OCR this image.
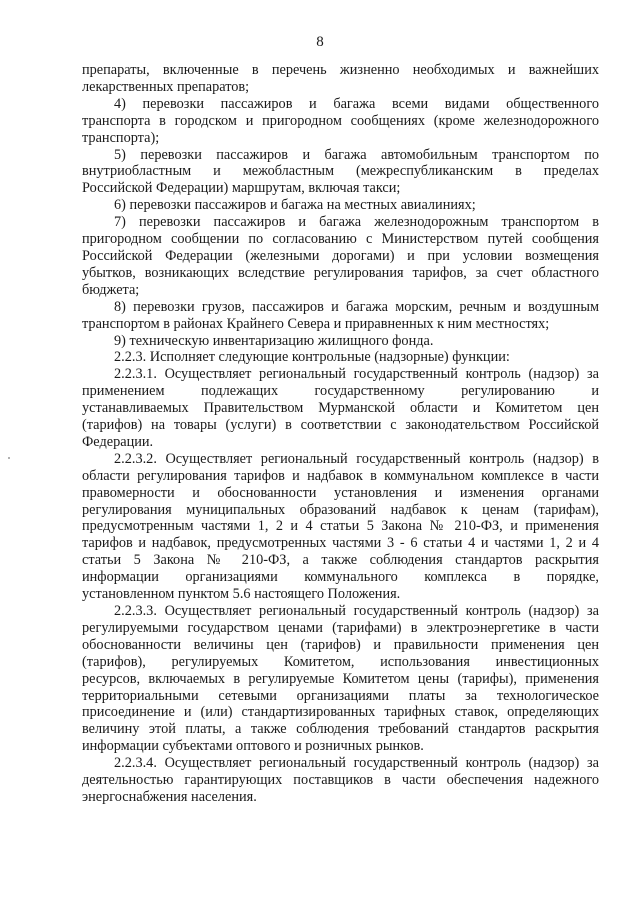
8
препараты, включенные в перечень жизненно необходимых и важнейших
лекарственных препаратов;
4) перевозки пассажиров и багажа всеми видами общественного
транспорта в городском и пригородном сообщениях (кроме железнодорожного
транспорта);
5) перевозки пассажиров и багажа автомобильным транспортом по
внутриобластным и межобластным (межреспубликанским в пределах
Российской Федерации) маршрутам, включая такси;
6) перевозки пассажиров и багажа на местных авиалиниях;
7) перевозки пассажиров и багажа железнодорожным транспортом в
пригородном сообщении по согласованию с Министерством путей сообщения
Российской Федерации (железными дорогами) и при условии возмещения
убытков, возникающих вследствие регулирования тарифов, за счет областного
бюджета;
8) перевозки грузов, пассажиров и багажа морским, речным и воздушным
транспортом в районах Крайнего Севера и приравненных к ним местностях;
9) техническую инвентаризацию жилищного фонда.
2.2.3. Исполняет следующие контрольные (надзорные) функции:
2.2.3.1. Осуществляет региональный государственный контроль (надзор) за
применением подлежащих государственному регулированию и
устанавливаемых Правительством Мурманской области и Комитетом цен
(тарифов) на товары (услуги) в соответствии с законодательством Российской
Федерации.
2.2.3.2. Осуществляет региональный государственный контроль (надзор) в
области регулирования тарифов и надбавок в коммунальном комплексе в части
правомерности и обоснованности установления и изменения органами
регулирования муниципальных образований надбавок к ценам (тарифам),
предусмотренным частями 1, 2 и 4 статьи 5 Закона № 210-ФЗ, и применения
тарифов и надбавок, предусмотренных частями 3 - 6 статьи 4 и частями 1, 2 и 4
статьи 5 Закона № 210-ФЗ, а также соблюдения стандартов раскрытия
информации организациями коммунального комплекса в порядке,
установленном пунктом 5.6 настоящего Положения.
2.2.3.3. Осуществляет региональный государственный контроль (надзор) за
регулируемыми государством ценами (тарифами) в электроэнергетике в части
обоснованности величины цен (тарифов) и правильности применения цен
(тарифов), регулируемых Комитетом, использования инвестиционных
ресурсов, включаемых в регулируемые Комитетом цены (тарифы), применения
территориальными сетевыми организациями платы за технологическое
присоединение и (или) стандартизированных тарифных ставок, определяющих
величину этой платы, а также соблюдения требований стандартов раскрытия
информации субъектами оптового и розничных рынков.
2.2.3.4. Осуществляет региональный государственный контроль (надзор) за
деятельностью гарантирующих поставщиков в части обеспечения надежного
энергоснабжения населения.
